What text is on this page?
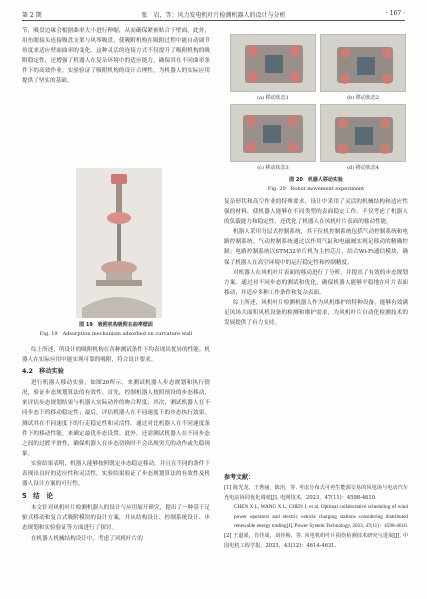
第 2 期	张　岩，等：风力发电机叶片检测机器人的设计与分析	· 167 ·

节，吸盘边缘会根据曲率大小进行伸缩，从而确保紧密贴合于壁面。此外，用鱼眼接头连接吸盘支架与风琴吸盘，使吸附机构在吸附过程中能自动调节角度来适应壁面曲率的变化。这种灵活的连接方式不仅提升了吸附机构的吸附稳定性，还增强了机器人在复杂环境中的适应能力，确保其在不同曲率条件下的高效作业。实验验证了吸附机构的设计合理性，为机器人的实际应用提供了坚实的基础。

图 19　吸附机构吸附在曲率壁面
Fig. 19　Adsorption mechanism adsorbed on curvature wall

综上所述，所设计的吸附机构在各种测试条件下均表现出优异的性能。机器人在实际应用中能实现可靠的吸附，符合设计要求。

4.2　移动实验

进行机器人移动实验，如图20所示，来测试机器人步态规划和执行情况，验证步态规划算法的有效性。首先，控制机器人按照预设的步态移动，来评估步态规划结果与机器人实际动作的吻合程度；其次，测试机器人在不同步态下的移动稳定性；最后，评估机器人在不同速度下的步态执行效果，测试其在不同速度下的行走稳定性和灵活性。通过对比机器人在不同速度条件下的移动性能，来确定最优步态设置。此外，还需测试机器人在不同步态之间的过渡平滑性，确保机器人在步态切换时不会出现突兀的动作或失稳现象。

实验结果表明，机器人能够按照既定步态稳定移动，并且在不同的条件下表现出良好的适应性和灵活性。实验结果验证了步态规划算法的有效性及机器人设计方案的可行性。

5　结　论

本文针对风机叶片检测机器人的设计与应用展开研究，提出了一种基于足驱式移动和复合式吸附模块的设计方案，并从结构设计、控制系统设计、步态规划和实验验证等方面进行了探讨。

在机器人机械结构设计中，考虑了风机叶片的

(a) 移动状态1	(b) 移动状态2
(c) 移动状态3	(d) 移动状态4
图 20　机器人移动实验
Fig. 20　Robot movement experiment

复杂形状和高空作业的特殊要求，设计中采用了灵活的机械结构和适应性强的材料，使机器人能够在不同类型的表面稳定工作。不仅考虑了机器人的负载能力和稳定性，还优化了机器人在风机叶片表面的移动性能。

机器人采用分层式控制系统，其下位机控制系统包括气动控制系统和电路控制系统。气动控制系统通过以作用气缸和电磁阀实现足移动的精确控制；电路控制系统以STM32单片机为主控芯片，结合Wi-Fi通信模块，确保了机器人在高空环境中的运行稳定性和控制精度。

对机器人在风机叶片表面的移动进行了分析，并提出了有效的步态规划方案。通过对不同步态的测试和优化，确保机器人能够平稳地在叶片表面移动，并适应多种工作条件和复杂表面。

综上所述，风机叶片检测机器人作为风机维护的特种设备，能够有效满足风场大面积风机设备的检测和维护需求，为风机叶片自动化检测技术的发展提供了有力支持。

参考文献：
[1] 陈光龙，王秀丽，陈治，等. 考虑分布式可再生能源交易的风电场与电动汽车充电站协同优化调度[J]. 电网技术，2023，47(11)：4598-4610.
CHEN X L, WANG X L, CHEN J, et al. Optimal collaborative scheduling of wind power operators and electric vehicle charging stations considering distributed renewable energy trading[J]. Power System Technology, 2023, 47(11)：4598-4610.
[2] 王道果，肖佳成，刘佳梅，等. 风电机组叶片损伤检测技术研究与进展[J]. 中国电机工程学报，2023，43(12)：4614-4631.
